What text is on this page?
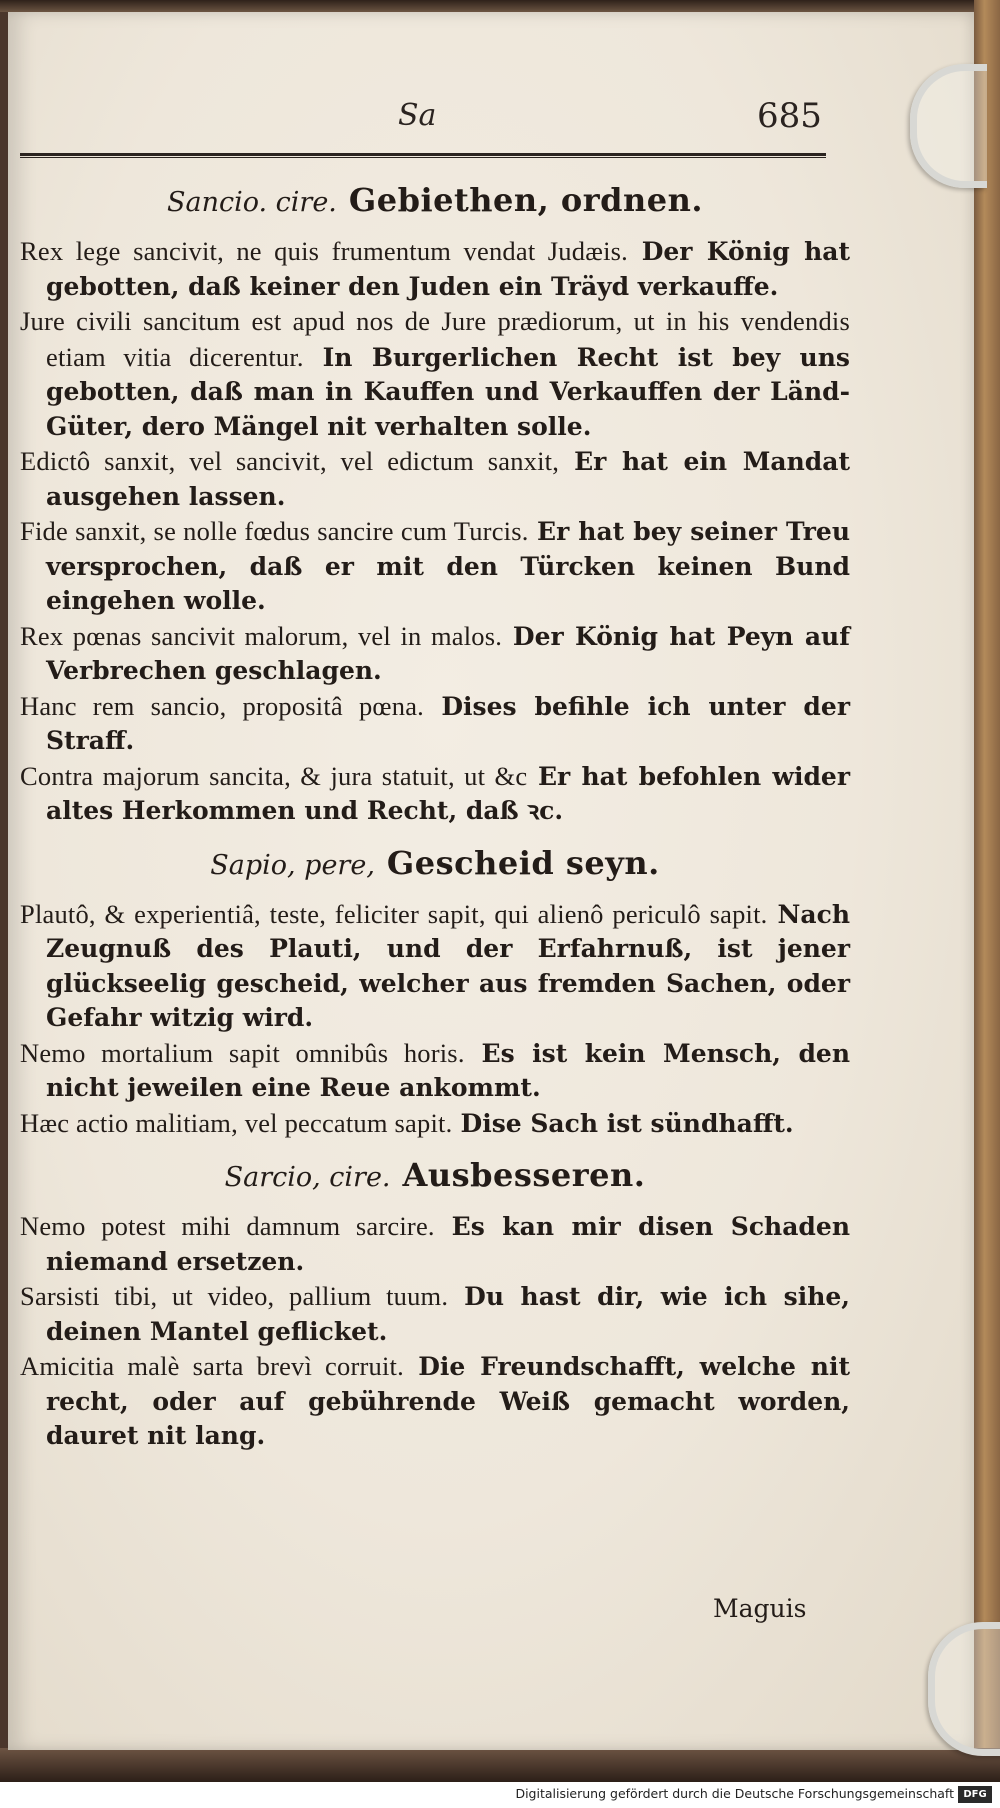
Sa	685
Sancio. cire. Gebiethen, ordnen.

Rex lege sancivit, ne quis frumentum vendat Judæis. Der König hat gebotten, daß keiner den Juden ein Träyd verkauffe.

Jure civili sancitum est apud nos de Jure prædiorum, ut in his vendendis etiam vitia dicerentur. In Burgerlichen Recht ist bey uns gebotten, daß man in Kauffen und Verkauffen der Länd-Güter, dero Mängel nit verhalten solle.

Edictô sanxit, vel sancivit, vel edictum sanxit, Er hat ein Mandat ausgehen lassen.

Fide sanxit, se nolle fœdus sancire cum Turcis. Er hat bey seiner Treu versprochen, daß er mit den Türcken keinen Bund eingehen wolle.

Rex pœnas sancivit malorum, vel in malos. Der König hat Peyn auf Verbrechen geschlagen.

Hanc rem sancio, propositâ pœna. Dises befihle ich unter der Straff.

Contra majorum sancita, & jura statuit, ut &c Er hat befohlen wider altes Herkommen und Recht, daß ꝛc.

Sapio, pere, Gescheid seyn.

Plautô, & experientiâ, teste, feliciter sapit, qui alienô periculô sapit. Nach Zeugnuß des Plauti, und der Erfahrnuß, ist jener glückseelig gescheid, welcher aus fremden Sachen, oder Gefahr witzig wird.

Nemo mortalium sapit omnibûs horis. Es ist kein Mensch, den nicht jeweilen eine Reue ankommt.

Hæc actio malitiam, vel peccatum sapit. Dise Sach ist sündhafft.

Sarcio, cire. Ausbesseren.

Nemo potest mihi damnum sarcire. Es kan mir disen Schaden niemand ersetzen.

Sarsisti tibi, ut video, pallium tuum. Du hast dir, wie ich sihe, deinen Mantel geflicket.

Amicitia malè sarta brevì corruit. Die Freundschafft, welche nit recht, oder auf gebührende Weiß gemacht worden, dauret nit lang.

Maguis
Digitalisierung gefördert durch die Deutsche Forschungsgemeinschaft DFG
